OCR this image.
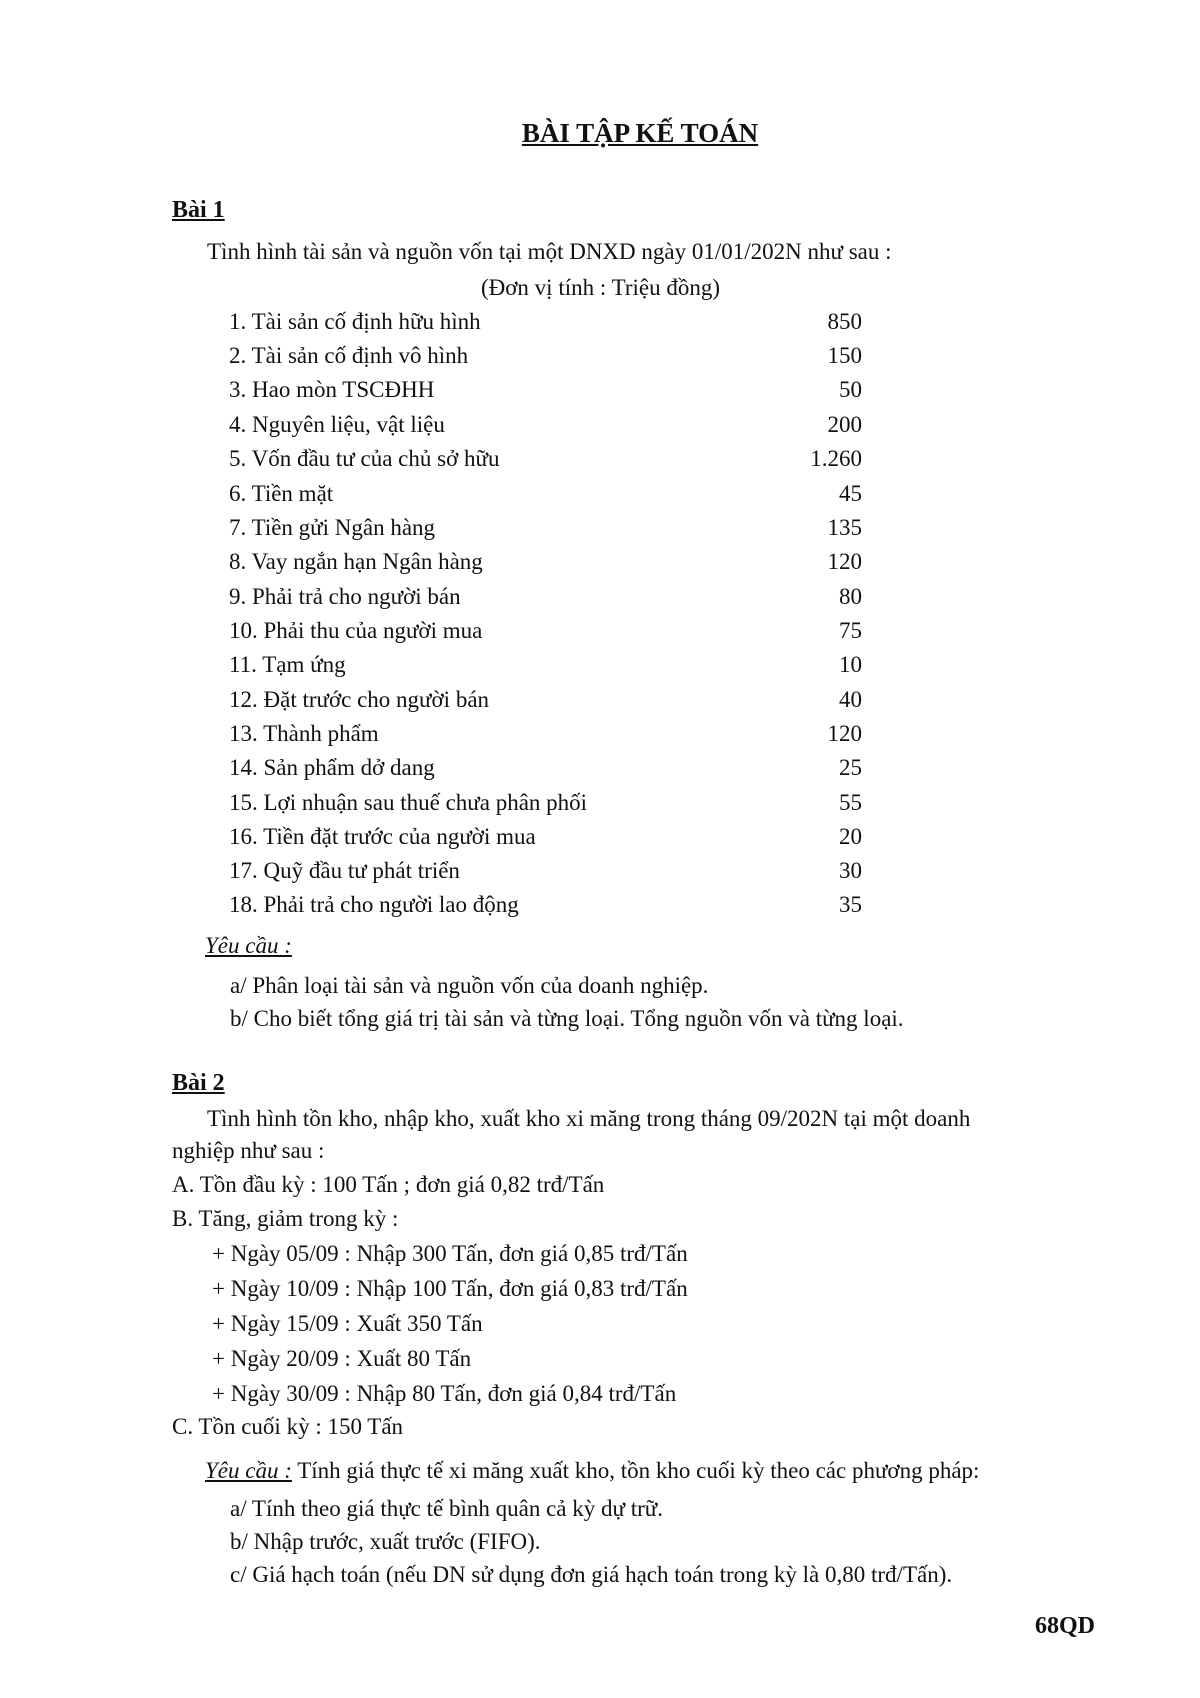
BÀI TẬP KẾ TOÁN
Bài 1
Tình hình tài sản và nguồn vốn tại một DNXD ngày 01/01/202N như sau :
(Đơn vị tính : Triệu đồng)
1. Tài sản cố định hữu hình	850
2. Tài sản cố định vô hình	150
3. Hao mòn TSCĐHH	50
4. Nguyên liệu, vật liệu	200
5. Vốn đầu tư của chủ sở hữu	1.260
6. Tiền mặt	45
7. Tiền gửi Ngân hàng	135
8. Vay ngắn hạn Ngân hàng	120
9. Phải trả cho người bán	80
10. Phải thu của người mua	75
11. Tạm ứng	10
12. Đặt trước cho người bán	40
13. Thành phẩm	120
14. Sản phẩm dở dang	25
15. Lợi nhuận sau thuế chưa phân phối	55
16. Tiền đặt trước của người mua	20
17. Quỹ đầu tư phát triển	30
18. Phải trả cho người lao động	35
Yêu cầu :
a/ Phân loại tài sản và nguồn vốn của doanh nghiệp.
b/ Cho biết tổng giá trị tài sản và từng loại. Tổng nguồn vốn và từng loại.
Bài 2
Tình hình tồn kho, nhập kho, xuất kho xi măng trong tháng 09/202N tại một doanh
nghiệp như sau :
A. Tồn đầu kỳ : 100 Tấn ; đơn giá 0,82 trđ/Tấn
B. Tăng, giảm trong kỳ :
+ Ngày 05/09 : Nhập 300 Tấn, đơn giá 0,85 trđ/Tấn
+ Ngày 10/09 : Nhập 100 Tấn, đơn giá 0,83 trđ/Tấn
+ Ngày 15/09 : Xuất 350 Tấn
+ Ngày 20/09 : Xuất 80 Tấn
+ Ngày 30/09 : Nhập 80 Tấn, đơn giá 0,84 trđ/Tấn
C. Tồn cuối kỳ : 150 Tấn
Yêu cầu : Tính giá thực tế xi măng xuất kho, tồn kho cuối kỳ theo các phương pháp:
a/ Tính theo giá thực tế bình quân cả kỳ dự trữ.
b/ Nhập trước, xuất trước (FIFO).
c/ Giá hạch toán (nếu DN sử dụng đơn giá hạch toán trong kỳ là 0,80 trđ/Tấn).
68QD
